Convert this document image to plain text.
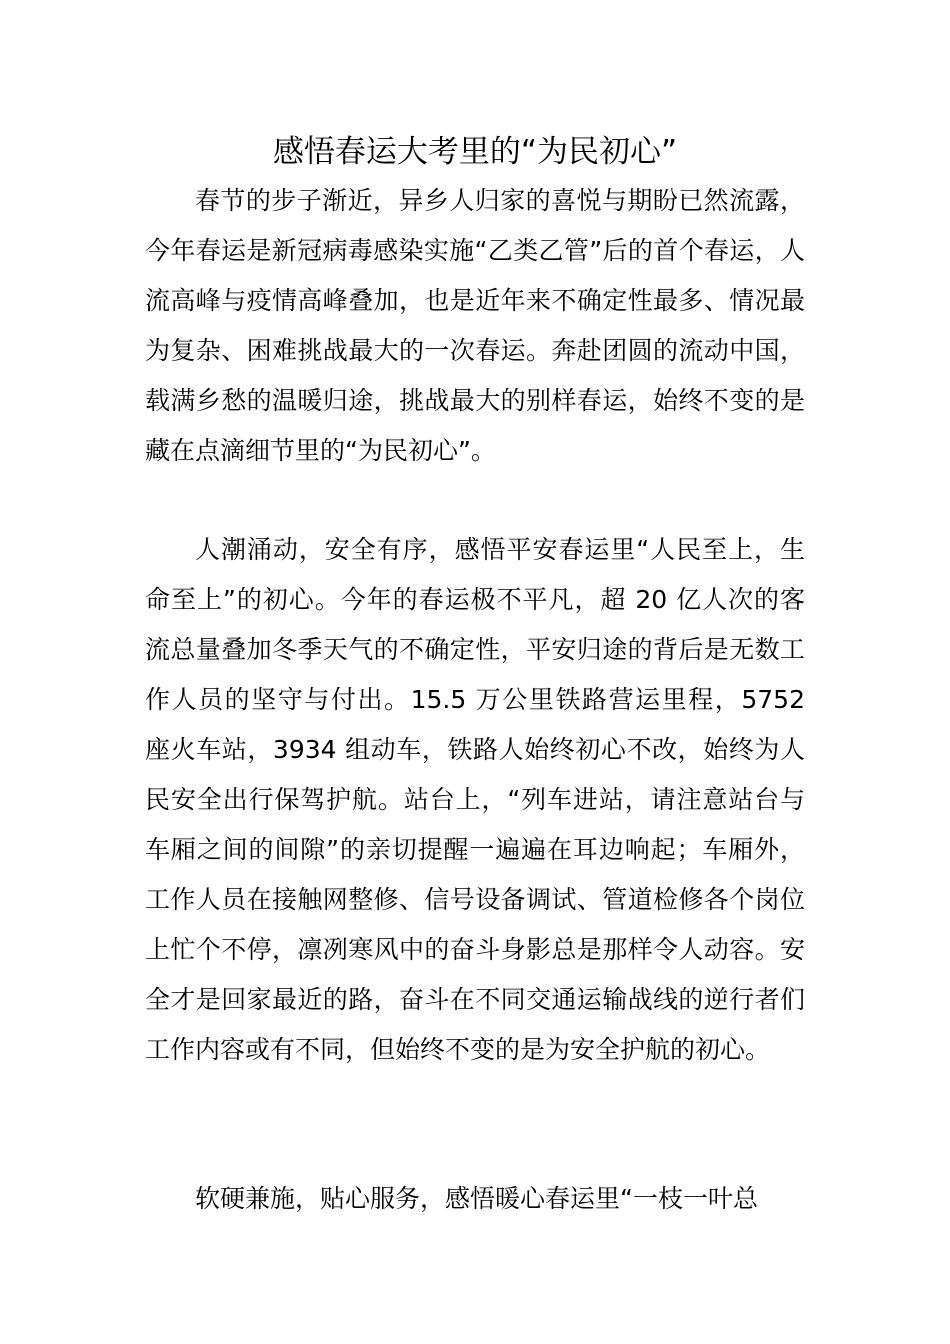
感悟春运大考里的“为民初心”

春节的步子渐近，异乡人归家的喜悦与期盼已然流露，今年春运是新冠病毒感染实施“乙类乙管”后的首个春运，人流高峰与疫情高峰叠加，也是近年来不确定性最多、情况最为复杂、困难挑战最大的一次春运。奔赴团圆的流动中国，载满乡愁的温暖归途，挑战最大的别样春运，始终不变的是藏在点滴细节里的“为民初心”。

人潮涌动，安全有序，感悟平安春运里“人民至上，生命至上”的初心。今年的春运极不平凡，超 20 亿人次的客流总量叠加冬季天气的不确定性，平安归途的背后是无数工作人员的坚守与付出。15.5 万公里铁路营运里程，5752 座火车站，3934 组动车，铁路人始终初心不改，始终为人民安全出行保驾护航。站台上，“列车进站，请注意站台与车厢之间的间隙”的亲切提醒一遍遍在耳边响起；车厢外，工作人员在接触网整修、信号设备调试、管道检修各个岗位上忙个不停，凛冽寒风中的奋斗身影总是那样令人动容。安全才是回家最近的路，奋斗在不同交通运输战线的逆行者们工作内容或有不同，但始终不变的是为安全护航的初心。

软硬兼施，贴心服务，感悟暖心春运里“一枝一叶总
